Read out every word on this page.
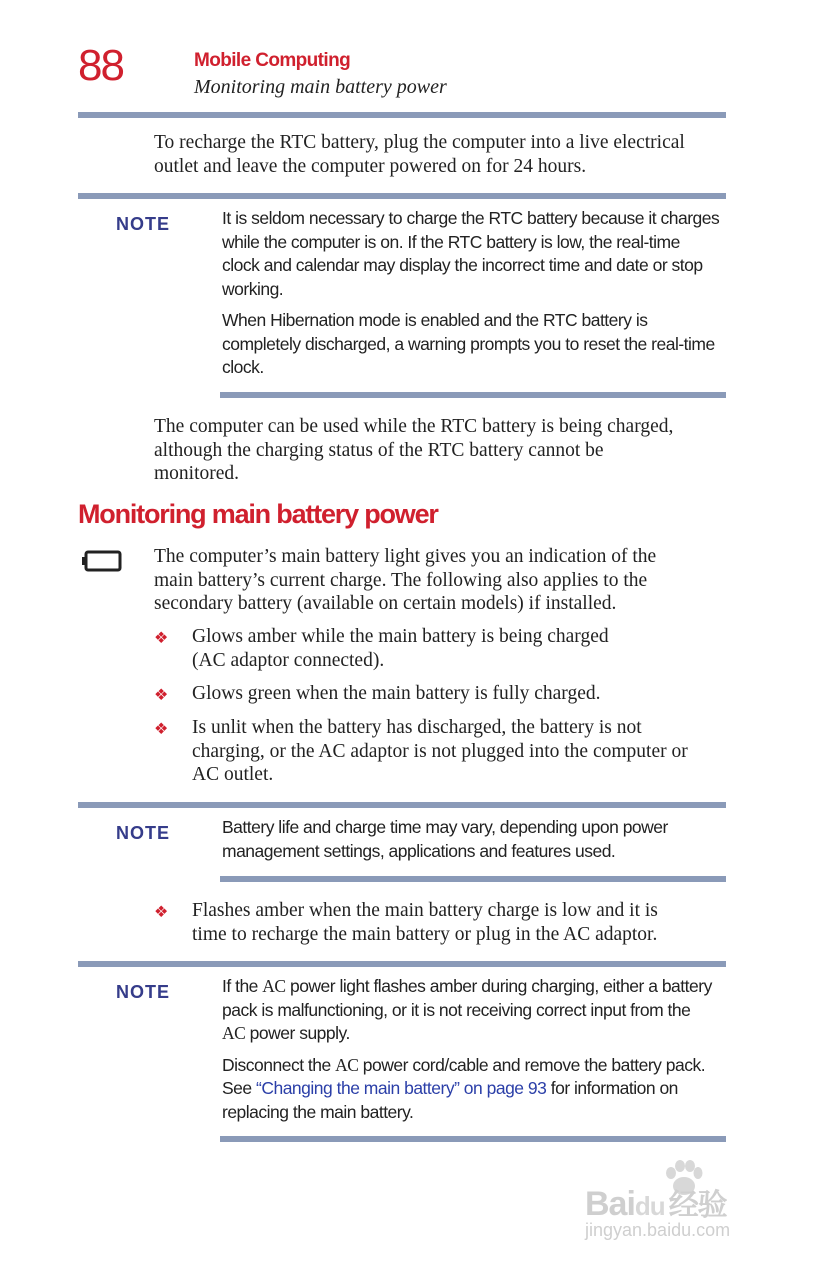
88	Mobile Computing
Monitoring main battery power
To recharge the RTC battery, plug the computer into a live electrical
outlet and leave the computer powered on for 24 hours.
NOTE	It is seldom necessary to charge the RTC battery because it charges
while the computer is on. If the RTC battery is low, the real-time
clock and calendar may display the incorrect time and date or stop
working.

When Hibernation mode is enabled and the RTC battery is
completely discharged, a warning prompts you to reset the real-time
clock.

The computer can be used while the RTC battery is being charged,
although the charging status of the RTC battery cannot be
monitored.
Monitoring main battery power
The computer’s main battery light gives you an indication of the
main battery’s current charge. The following also applies to the
secondary battery (available on certain models) if installed.
❖ Glows amber while the main battery is being charged
(AC adaptor connected).
❖ Glows green when the main battery is fully charged.
❖ Is unlit when the battery has discharged, the battery is not
charging, or the AC adaptor is not plugged into the computer or
AC outlet.
NOTE	Battery life and charge time may vary, depending upon power
management settings, applications and features used.

❖ Flashes amber when the main battery charge is low and it is
time to recharge the main battery or plug in the AC adaptor.
NOTE	If the AC power light flashes amber during charging, either a battery
pack is malfunctioning, or it is not receiving correct input from the
AC power supply.

Disconnect the AC power cord/cable and remove the battery pack.
See “Changing the main battery” on page 93 for information on
replacing the main battery.

Baidu 经验
jingyan.baidu.com
